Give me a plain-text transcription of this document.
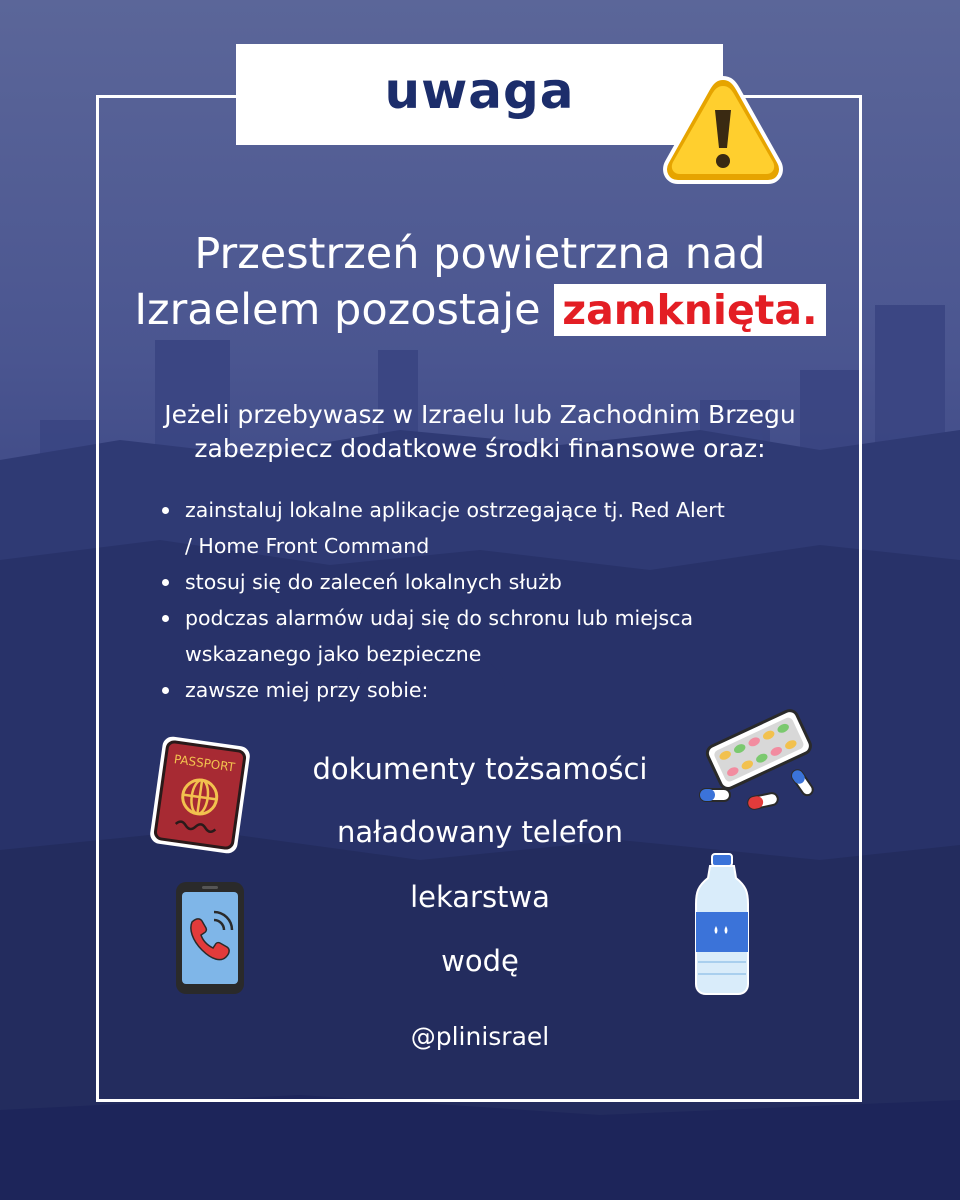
uwaga
Przestrzeń powietrzna nad
Izraelem pozostaje zamknięta.
Jeżeli przebywasz w Izraelu lub Zachodnim Brzegu
zabezpiecz dodatkowe środki finansowe oraz:
zainstaluj lokalne aplikacje ostrzegające tj. Red Alert
/ Home Front Command
stosuj się do zaleceń lokalnych służb
podczas alarmów udaj się do schronu lub miejsca
wskazanego jako bezpieczne
zawsze miej przy sobie:
dokumenty tożsamości
naładowany telefon
lekarstwa
wodę
@plinisrael
PASSPORT
